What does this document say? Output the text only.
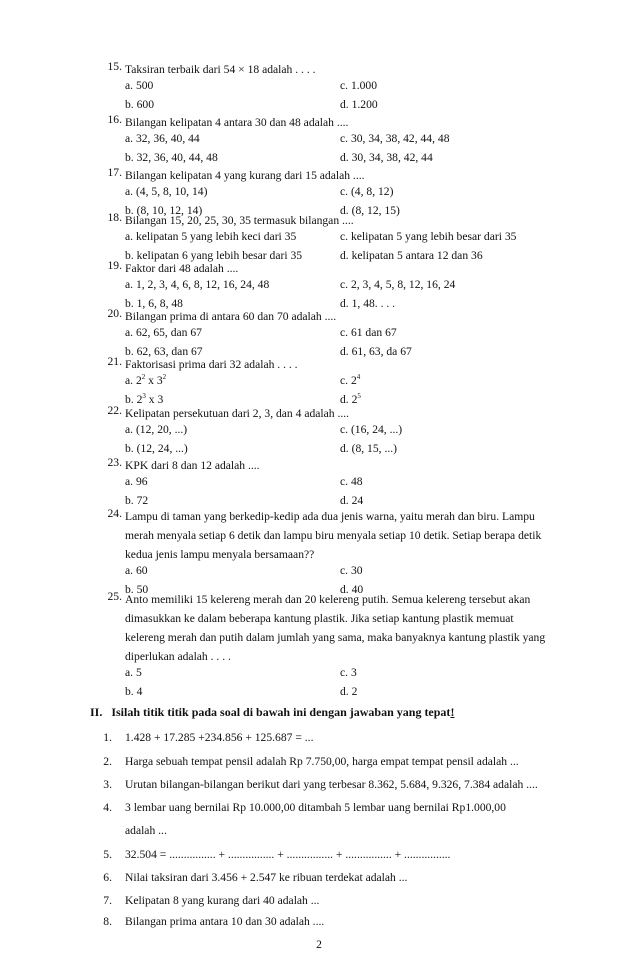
15. Taksiran terbaik dari 54 × 18 adalah . . . .
a. 500	c. 1.000
b. 600	d. 1.200
16. Bilangan kelipatan 4 antara 30 dan 48 adalah ....
a. 32, 36, 40, 44	c. 30, 34, 38, 42, 44, 48
b. 32, 36, 40, 44, 48	d. 30, 34, 38, 42, 44
17. Bilangan kelipatan 4 yang kurang dari 15 adalah ....
a. (4, 5, 8, 10, 14)	c. (4, 8, 12)
b. (8, 10, 12, 14)	d. (8, 12, 15)
18. Bilangan 15, 20, 25, 30, 35 termasuk bilangan ....
a. kelipatan 5 yang lebih keci dari 35	c. kelipatan 5 yang lebih besar dari 35
b. kelipatan 6 yang lebih besar dari 35	d. kelipatan 5 antara 12 dan 36
19. Faktor dari 48 adalah ....
a. 1, 2, 3, 4, 6, 8, 12, 16, 24, 48	c. 2, 3, 4, 5, 8, 12, 16, 24
b. 1, 6, 8, 48	d. 1, 48. . . .
20. Bilangan prima di antara 60 dan 70 adalah ....
a. 62, 65, dan 67	c. 61 dan 67
b. 62, 63, dan 67	d. 61, 63, da 67
21. Faktorisasi prima dari 32 adalah . . . .
a. $2^2$ x $3^2$	c. $2^4$
b. $2^3$ x 3	d. $2^5$
22. Kelipatan persekutuan dari 2, 3, dan 4 adalah ....
a. (12, 20, ...)	c. (16, 24, ...)
b. (12, 24, ...)	d. (8, 15, ...)
23. KPK dari 8 dan 12 adalah ....
a. 96	c. 48
b. 72	d. 24
24. Lampu di taman yang berkedip-kedip ada dua jenis warna, yaitu merah dan biru. Lampu
merah menyala setiap 6 detik dan lampu biru menyala setiap 10 detik. Setiap berapa detik
kedua jenis lampu menyala bersamaan??
a. 60	c. 30
b. 50	d. 40
25. Anto memiliki 15 kelereng merah dan 20 kelereng putih. Semua kelereng tersebut akan
dimasukkan ke dalam beberapa kantung plastik. Jika setiap kantung plastik memuat
kelereng merah dan putih dalam jumlah yang sama, maka banyaknya kantung plastik yang
diperlukan adalah . . . .
a. 5	c. 3
b. 4	d. 2
II. Isilah titik titik pada soal di bawah ini dengan jawaban yang tepat!
1. 1.428 + 17.285 +234.856 + 125.687 = ...
2. Harga sebuah tempat pensil adalah Rp 7.750,00, harga empat tempat pensil adalah ...
3. Urutan bilangan-bilangan berikut dari yang terbesar 8.362, 5.684, 9.326, 7.384 adalah ....
4. 3 lembar uang bernilai Rp 10.000,00 ditambah 5 lembar uang bernilai Rp1.000,00
adalah ...
5. 32.504 = ................ + ................ + ................ + ................ + ................
6. Nilai taksiran dari 3.456 + 2.547 ke ribuan terdekat adalah ...
7. Kelipatan 8 yang kurang dari 40 adalah ...
8. Bilangan prima antara 10 dan 30 adalah ....
2
